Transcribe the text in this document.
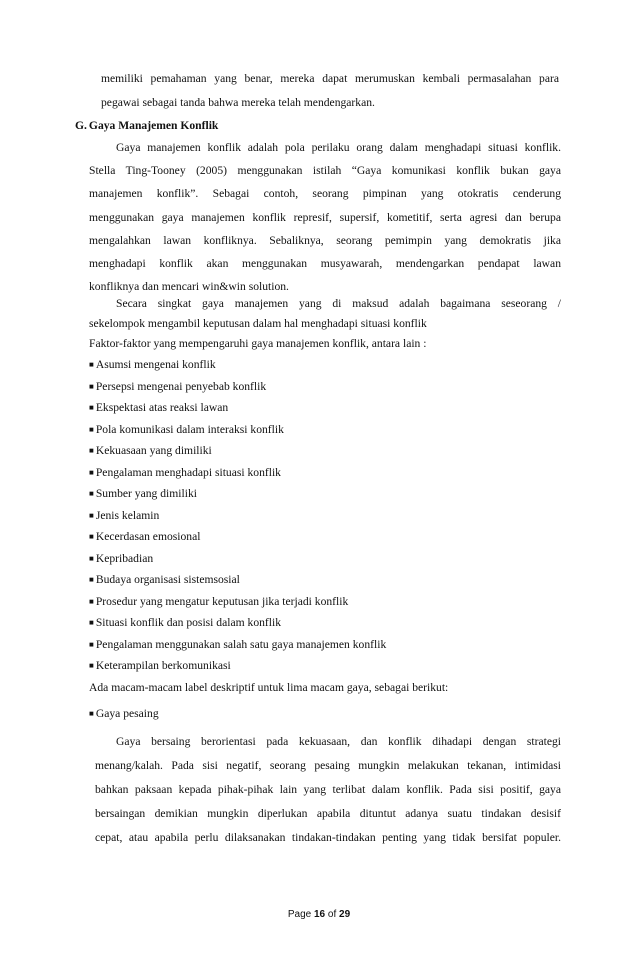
memiliki pemahaman yang benar, mereka dapat merumuskan kembali permasalahan para
pegawai sebagai tanda bahwa mereka telah mendengarkan.
G. Gaya Manajemen Konflik
Gaya manajemen konflik adalah pola perilaku orang dalam menghadapi situasi konflik.
Stella Ting-Tooney (2005) menggunakan istilah “Gaya komunikasi konflik bukan gaya
manajemen konflik”. Sebagai contoh, seorang pimpinan yang otokratis cenderung
menggunakan gaya manajemen konflik represif, supersif, kometitif, serta agresi dan berupa
mengalahkan lawan konfliknya. Sebaliknya, seorang pemimpin yang demokratis jika
menghadapi konflik akan menggunakan musyawarah, mendengarkan pendapat lawan
konfliknya dan mencari win&win solution.
Secara singkat gaya manajemen yang di maksud adalah bagaimana seseorang /
sekelompok mengambil keputusan dalam hal menghadapi situasi konflik
Faktor-faktor yang mempengaruhi gaya manajemen konflik, antara lain :
■ Asumsi mengenai konflik
■ Persepsi mengenai penyebab konflik
■ Ekspektasi atas reaksi lawan
■ Pola komunikasi dalam interaksi konflik
■ Kekuasaan yang dimiliki
■ Pengalaman menghadapi situasi konflik
■ Sumber yang dimiliki
■ Jenis kelamin
■ Kecerdasan emosional
■ Kepribadian
■ Budaya organisasi sistemsosial
■ Prosedur yang mengatur keputusan jika terjadi konflik
■ Situasi konflik dan posisi dalam konflik
■ Pengalaman menggunakan salah satu gaya manajemen konflik
■ Keterampilan berkomunikasi
Ada macam-macam label deskriptif untuk lima macam gaya, sebagai berikut:
■ Gaya pesaing
Gaya bersaing berorientasi pada kekuasaan, dan konflik dihadapi dengan strategi
menang/kalah. Pada sisi negatif, seorang pesaing mungkin melakukan tekanan, intimidasi
bahkan paksaan kepada pihak-pihak lain yang terlibat dalam konflik. Pada sisi positif, gaya
bersaingan demikian mungkin diperlukan apabila dituntut adanya suatu tindakan desisif
cepat, atau apabila perlu dilaksanakan tindakan-tindakan penting yang tidak bersifat populer.
Page 16 of 29
